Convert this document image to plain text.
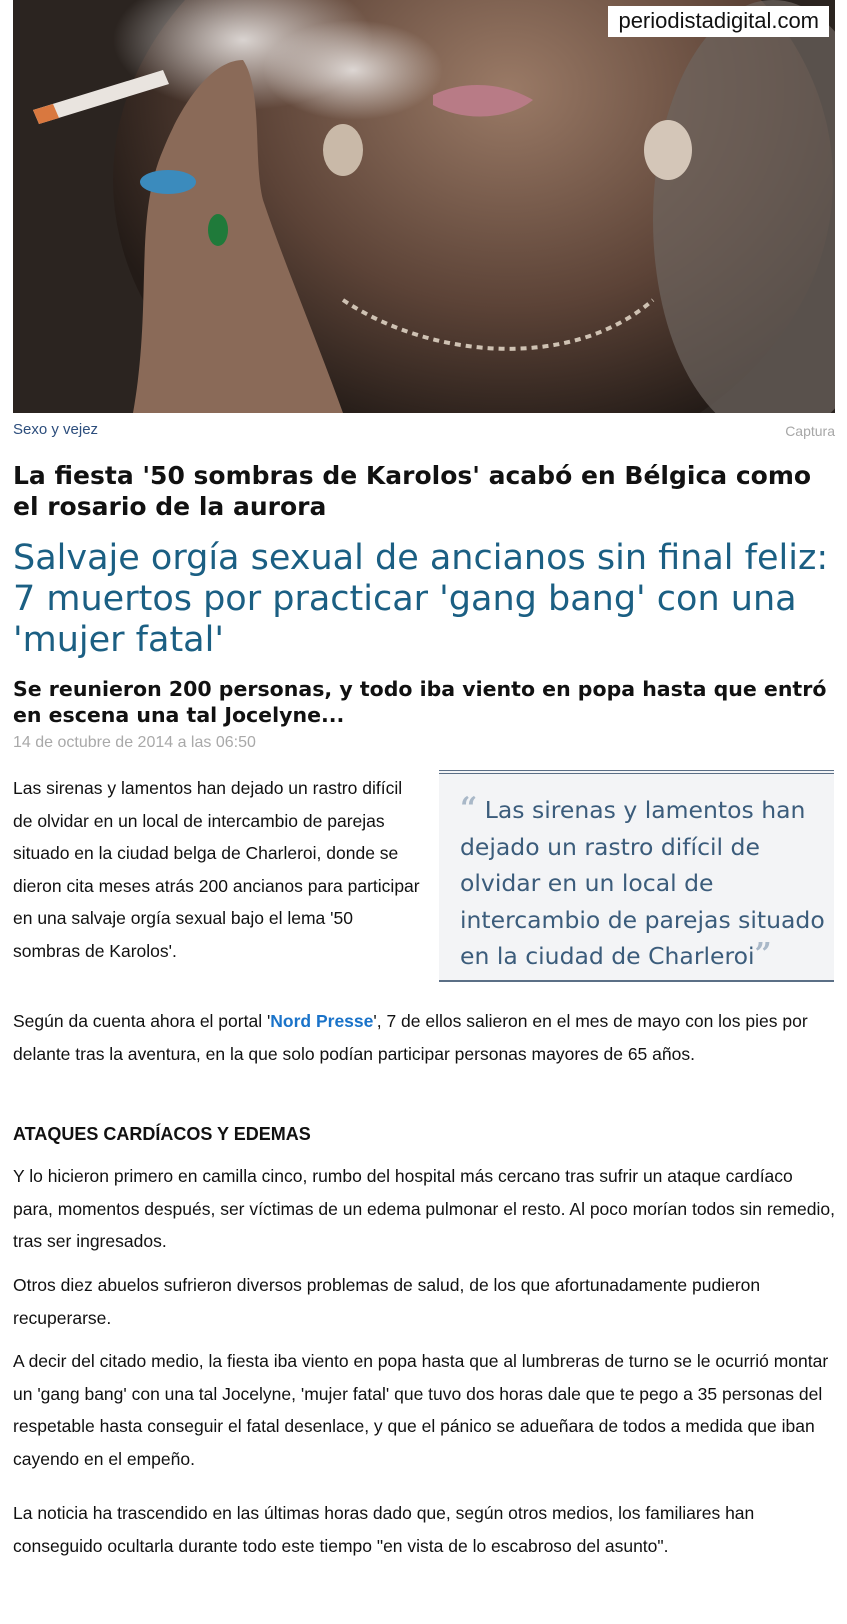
periodistadigital.com
Sexo y vejez	Captura
La fiesta '50 sombras de Karolos' acabó en Bélgica como el rosario de la aurora
Salvaje orgía sexual de ancianos sin final feliz: 7 muertos por practicar 'gang bang' con una 'mujer fatal'
Se reunieron 200 personas, y todo iba viento en popa hasta que entró en escena una tal Jocelyne...
14 de octubre de 2014 a las 06:50

Las sirenas y lamentos han dejado un rastro difícil de olvidar en un local de intercambio de parejas situado en la ciudad belga de Charleroi, donde se dieron cita meses atrás 200 ancianos para participar en una salvaje orgía sexual bajo el lema '50 sombras de Karolos'.

“ Las sirenas y lamentos han dejado un rastro difícil de olvidar en un local de intercambio de parejas situado en la ciudad de Charleroi”

Según da cuenta ahora el portal 'Nord Presse', 7 de ellos salieron en el mes de mayo con los pies por delante tras la aventura, en la que solo podían participar personas mayores de 65 años.

ATAQUES CARDÍACOS Y EDEMAS

Y lo hicieron primero en camilla cinco, rumbo del hospital más cercano tras sufrir un ataque cardíaco para, momentos después, ser víctimas de un edema pulmonar el resto. Al poco morían todos sin remedio, tras ser ingresados.

Otros diez abuelos sufrieron diversos problemas de salud, de los que afortunadamente pudieron recuperarse.

A decir del citado medio, la fiesta iba viento en popa hasta que al lumbreras de turno se le ocurrió montar un 'gang bang' con una tal Jocelyne, 'mujer fatal' que tuvo dos horas dale que te pego a 35 personas del respetable hasta conseguir el fatal desenlace, y que el pánico se adueñara de todos a medida que iban cayendo en el empeño.

La noticia ha trascendido en las últimas horas dado que, según otros medios, los familiares han conseguido ocultarla durante todo este tiempo "en vista de lo escabroso del asunto".
